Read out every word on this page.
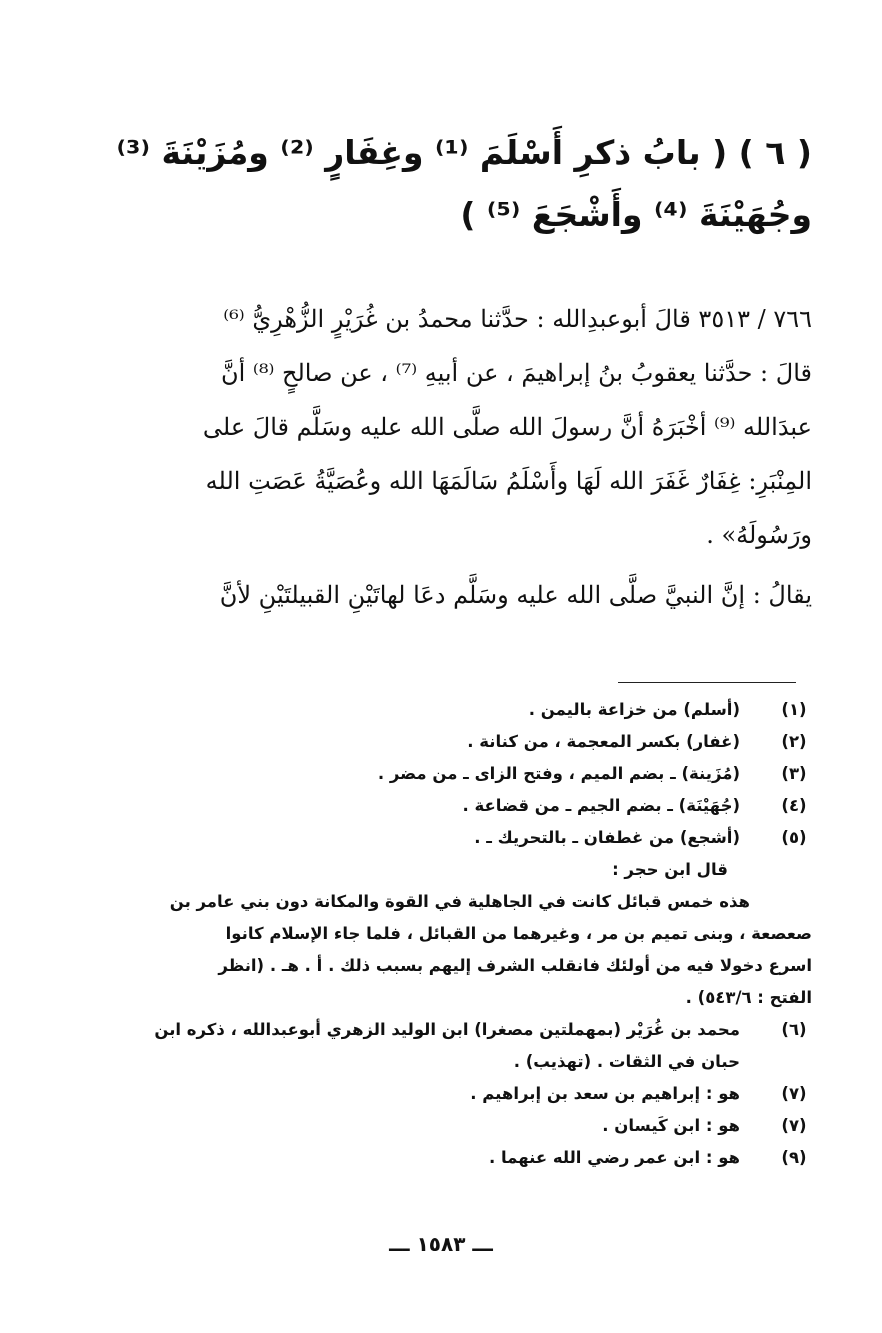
( ٦ ) ( بابُ ذكرِ أَسْلَمَ ⁽¹⁾ وغِفَارٍ ⁽²⁾ ومُزَيْنَةَ ⁽³⁾
وجُهَيْنَةَ ⁽⁴⁾ وأَشْجَعَ ⁽⁵⁾ )
٧٦٦ / ٣٥١٣ قالَ أبوعبدِالله : حدَّثنا محمدُ بن غُرَيْرٍ الزُّهْرِيُّ ⁽⁶⁾
قالَ : حدَّثنا يعقوبُ بنُ إبراهيمَ ، عن أبيهِ ⁽⁷⁾ ، عن صالحٍ ⁽⁸⁾ أنَّ
عبدَالله ⁽⁹⁾ أخْبَرَهُ أنَّ رسولَ الله صلَّى الله عليه وسَلَّم قالَ على
المِنْبَرِ: غِفَارٌ غَفَرَ الله لَهَا وأَسْلَمُ سَالَمَهَا الله وعُصَيَّةُ عَصَتِ الله
ورَسُولَهُ» .
يقالُ : إنَّ النبيَّ صلَّى الله عليه وسَلَّم دعَا لهاتَيْنِ القبيلتَيْنِ لأنَّ
(١)
(أسلم) من خزاعة باليمن .
(٢)
(غفار) بكسر المعجمة ، من كنانة .
(٣)
(مُزَينة) ـ بضم الميم ، وفتح الزاى ـ من مضر .
(٤)
(جُهَيْنَة) ـ بضم الجيم ـ من قضاعة .
(٥)
(أشجع) من غطفان ـ بالتحريك ـ .
قال ابن حجر :
هذه خمس قبائل كانت في الجاهلية في القوة والمكانة دون بني عامر بن
صعصعة ، وبنى تميم بن مر ، وغيرهما من القبائل ، فلما جاء الإسلام كانوا
اسرع دخولا فيه من أولئك فانقلب الشرف إليهم بسبب ذلك . أ . هـ . (انظر
الفتح : ٥٤٣/٦) .
(٦)
محمد بن غُرَيْر (بمهملتين مصغرا) ابن الوليد الزهري أبوعبدالله ، ذكره ابن
حبان في الثقات . (تهذيب) .
(٧)
هو : إبراهيم بن سعد بن إبراهيم .
(٧)
هو : ابن كَيسان .
(٩)
هو : ابن عمر رضي الله عنهما .
ـــ ١٥٨٣ ـــ
